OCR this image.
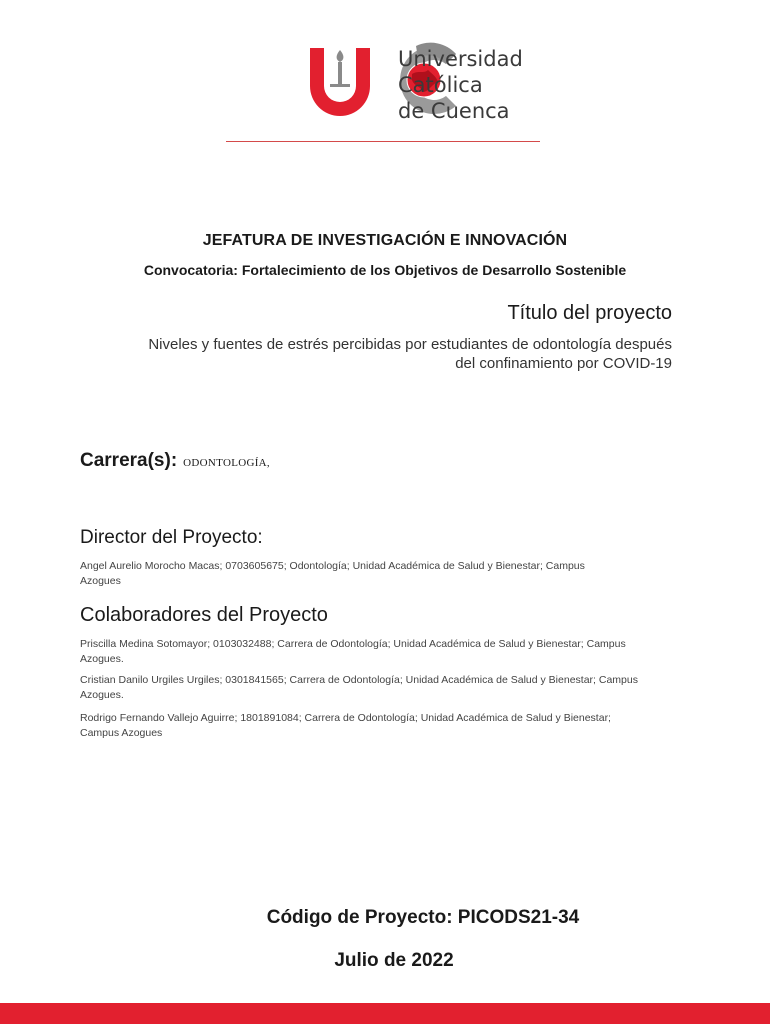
Universidad
Católica
de Cuenca
JEFATURA DE INVESTIGACIÓN E INNOVACIÓN
Convocatoria: Fortalecimiento de los Objetivos de Desarrollo Sostenible
Título del proyecto
Niveles y fuentes de estrés percibidas por estudiantes de odontología después
del confinamiento por COVID-19
Carrera(s): ODONTOLOGÍA,
Director del Proyecto:
Angel Aurelio Morocho Macas; 0703605675; Odontología; Unidad Académica de Salud y Bienestar; Campus
Azogues
Colaboradores del Proyecto
Priscilla Medina Sotomayor; 0103032488; Carrera de Odontología; Unidad Académica de Salud y Bienestar; Campus
Azogues.
Cristian Danilo Urgiles Urgiles; 0301841565; Carrera de Odontología; Unidad Académica de Salud y Bienestar; Campus
Azogues.
Rodrigo Fernando Vallejo Aguirre; 1801891084; Carrera de Odontología; Unidad Académica de Salud y Bienestar;
Campus Azogues
Código de Proyecto: PICODS21-34
Julio de 2022
